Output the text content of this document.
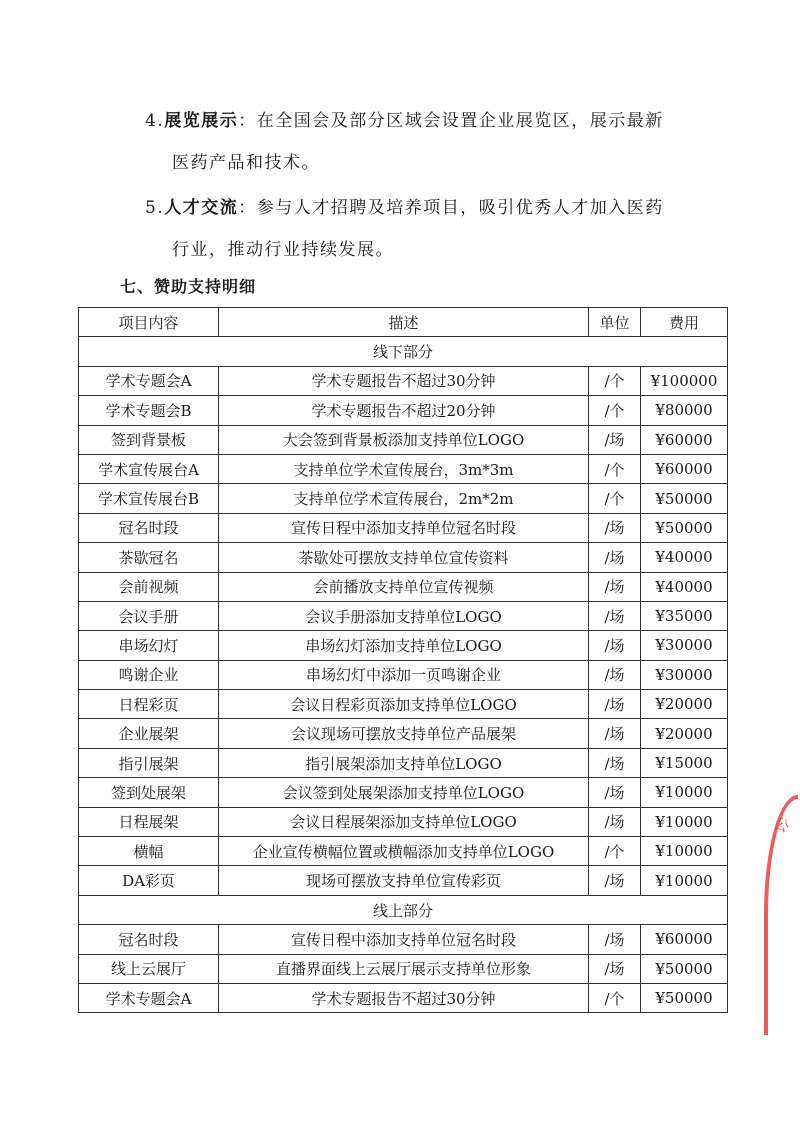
4.展览展示：在全国会及部分区域会设置企业展览区，展示最新
医药产品和技术。
5.人才交流：参与人才招聘及培养项目，吸引优秀人才加入医药
行业，推动行业持续发展。
七、赞助支持明细
项目内容	描述	单位	费用
线下部分			
学术专题会A	学术专题报告不超过30分钟	/个	¥100000
学术专题会B	学术专题报告不超过20分钟	/个	¥80000
签到背景板	大会签到背景板添加支持单位LOGO	/场	¥60000
学术宣传展台A	支持单位学术宣传展台，3m*3m	/个	¥60000
学术宣传展台B	支持单位学术宣传展台，2m*2m	/个	¥50000
冠名时段	宣传日程中添加支持单位冠名时段	/场	¥50000
茶歇冠名	茶歇处可摆放支持单位宣传资料	/场	¥40000
会前视频	会前播放支持单位宣传视频	/场	¥40000
会议手册	会议手册添加支持单位LOGO	/场	¥35000
串场幻灯	串场幻灯添加支持单位LOGO	/场	¥30000
鸣谢企业	串场幻灯中添加一页鸣谢企业	/场	¥30000
日程彩页	会议日程彩页添加支持单位LOGO	/场	¥20000
企业展架	会议现场可摆放支持单位产品展架	/场	¥20000
指引展架	指引展架添加支持单位LOGO	/场	¥15000
签到处展架	会议签到处展架添加支持单位LOGO	/场	¥10000
日程展架	会议日程展架添加支持单位LOGO	/场	¥10000
横幅	企业宣传横幅位置或横幅添加支持单位LOGO	/个	¥10000
DA彩页	现场可摆放支持单位宣传彩页	/场	¥10000
线上部分			
冠名时段	宣传日程中添加支持单位冠名时段	/场	¥60000
线上云展厅	直播界面线上云展厅展示支持单位形象	/场	¥50000
学术专题会A	学术专题报告不超过30分钟	/个	¥50000
公
